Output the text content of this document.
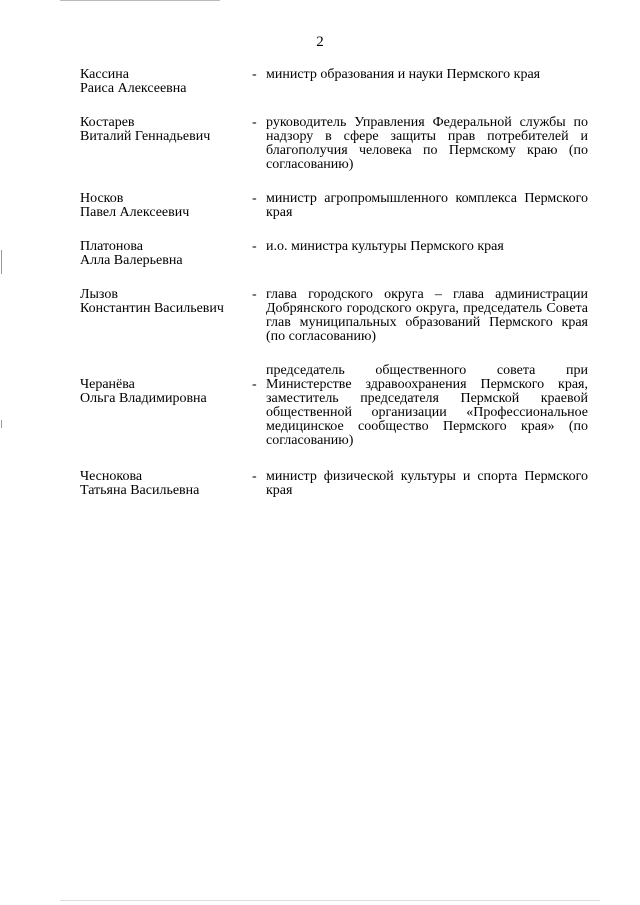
2
Кассина
Раиса Алексеевна
- министр образования и науки Пермского края
Костарев
Виталий Геннадьевич
- руководитель Управления Федеральной службы по надзору в сфере защиты прав потребителей и благополучия человека по Пермскому краю (по согласованию)
Носков
Павел Алексеевич
- министр агропромышленного комплекса Пермского края
Платонова
Алла Валерьевна
- и.о. министра культуры Пермского края
Лызов
Константин Васильевич
- глава городского округа – глава администрации Добрянского городского округа, председатель Совета глав муниципальных образований Пермского края (по согласованию)
Черанёва
Ольга Владимировна
-
председатель общественного совета при Министерстве здравоохранения Пермского края, заместитель председателя Пермской краевой общественной организации «Профессиональное медицинское сообщество Пермского края» (по согласованию)
Чеснокова
Татьяна Васильевна
- министр физической культуры и спорта Пермского края
